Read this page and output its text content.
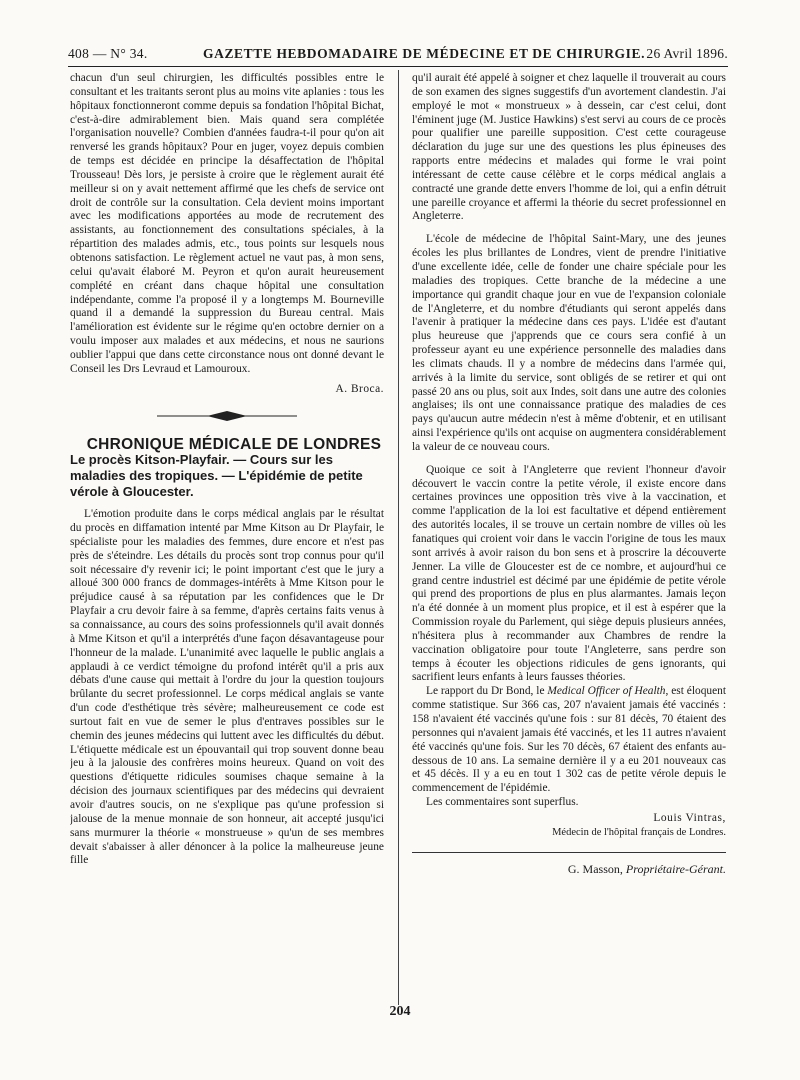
408 — N° 34.	GAZETTE HEBDOMADAIRE DE MÉDECINE ET DE CHIRURGIE. 26 Avril 1896.

chacun d'un seul chirurgien, les difficultés possibles entre le consultant et les traitants seront plus au moins vite aplanies : tous les hôpitaux fonctionneront comme depuis sa fondation l'hôpital Bichat, c'est-à-dire admirablement bien. Mais quand sera complétée l'organisation nouvelle? Combien d'années faudra-t-il pour qu'on ait renversé les grands hôpitaux? Pour en juger, voyez depuis combien de temps est décidée en principe la désaffectation de l'hôpital Trousseau! Dès lors, je persiste à croire que le règlement aurait été meilleur si on y avait nettement affirmé que les chefs de service ont droit de contrôle sur la consultation. Cela devient moins important avec les modifications apportées au mode de recrutement des assistants, au fonctionnement des consultations spéciales, à la répartition des malades admis, etc., tous points sur lesquels nous obtenons satisfaction. Le règlement actuel ne vaut pas, à mon sens, celui qu'avait élaboré M. Peyron et qu'on aurait heureusement complété en créant dans chaque hôpital une consultation indépendante, comme l'a proposé il y a longtemps M. Bourneville quand il a demandé la suppression du Bureau central. Mais l'amélioration est évidente sur le régime qu'en octobre dernier on a voulu imposer aux malades et aux médecins, et nous ne saurions oublier l'appui que dans cette circonstance nous ont donné devant le Conseil les Drs Levraud et Lamouroux.

A. Broca.

CHRONIQUE MÉDICALE DE LONDRES

Le procès Kitson-Playfair. — Cours sur les maladies des tropiques. — L'épidémie de petite vérole à Gloucester.

L'émotion produite dans le corps médical anglais par le résultat du procès en diffamation intenté par Mme Kitson au Dr Playfair, le spécialiste pour les maladies des femmes, dure encore et n'est pas près de s'éteindre. Les détails du procès sont trop connus pour qu'il soit nécessaire d'y revenir ici; le point important c'est que le jury a alloué 300 000 francs de dommages-intérêts à Mme Kitson pour le préjudice causé à sa réputation par les confidences que le Dr Playfair a cru devoir faire à sa femme, d'après certains faits venus à sa connaissance, au cours des soins professionnels qu'il avait donnés à Mme Kitson et qu'il a interprétés d'une façon désavantageuse pour l'honneur de la malade. L'unanimité avec laquelle le public anglais a applaudi à ce verdict témoigne du profond intérêt qu'il a pris aux débats d'une cause qui mettait à l'ordre du jour la question toujours brûlante du secret professionnel. Le corps médical anglais se vante d'un code d'esthétique très sévère; malheureusement ce code est surtout fait en vue de semer le plus d'entraves possibles sur le chemin des jeunes médecins qui luttent avec les difficultés du début. L'étiquette médicale est un épouvantail qui trop souvent donne beau jeu à la jalousie des confrères moins heureux. Quand on voit des questions d'étiquette ridicules soumises chaque semaine à la décision des journaux scientifiques par des médecins qui devraient avoir d'autres soucis, on ne s'explique pas qu'une profession si jalouse de la menue monnaie de son honneur, ait accepté jusqu'ici sans murmurer la théorie « monstrueuse » qu'un de ses membres devait s'abaisser à aller dénoncer à la police la malheureuse jeune fille

qu'il aurait été appelé à soigner et chez laquelle il trouverait au cours de son examen des signes suggestifs d'un avortement clandestin. J'ai employé le mot « monstrueux » à dessein, car c'est celui, dont l'éminent juge (M. Justice Hawkins) s'est servi au cours de ce procès pour qualifier une pareille supposition. C'est cette courageuse déclaration du juge sur une des questions les plus épineuses des rapports entre médecins et malades qui forme le vrai point intéressant de cette cause célèbre et le corps médical anglais a contracté une grande dette envers l'homme de loi, qui a enfin détruit une pareille croyance et affermi la théorie du secret professionnel en Angleterre.

L'école de médecine de l'hôpital Saint-Mary, une des jeunes écoles les plus brillantes de Londres, vient de prendre l'initiative d'une excellente idée, celle de fonder une chaire spéciale pour les maladies des tropiques. Cette branche de la médecine a une importance qui grandit chaque jour en vue de l'expansion coloniale de l'Angleterre, et du nombre d'étudiants qui seront appelés dans l'avenir à pratiquer la médecine dans ces pays. L'idée est d'autant plus heureuse que j'apprends que ce cours sera confié à un professeur ayant eu une expérience personnelle des maladies dans les climats chauds. Il y a nombre de médecins dans l'armée qui, arrivés à la limite du service, sont obligés de se retirer et qui ont passé 20 ans ou plus, soit aux Indes, soit dans une autre des colonies anglaises; ils ont une connaissance pratique des maladies de ces pays qu'aucun autre médecin n'est à même d'obtenir, et en utilisant ainsi l'expérience qu'ils ont acquise on augmentera considérablement la valeur de ce nouveau cours.

Quoique ce soit à l'Angleterre que revient l'honneur d'avoir découvert le vaccin contre la petite vérole, il existe encore dans certaines provinces une opposition très vive à la vaccination, et comme l'application de la loi est facultative et dépend entièrement des autorités locales, il se trouve un certain nombre de villes où les fanatiques qui croient voir dans le vaccin l'origine de tous les maux sont arrivés à avoir raison du bon sens et à proscrire la découverte Jenner. La ville de Gloucester est de ce nombre, et aujourd'hui ce grand centre industriel est décimé par une épidémie de petite vérole qui prend des proportions de plus en plus alarmantes. Jamais leçon n'a été donnée à un moment plus propice, et il est à espérer que la Commission royale du Parlement, qui siège depuis plusieurs années, n'hésitera plus à recommander aux Chambres de rendre la vaccination obligatoire pour toute l'Angleterre, sans perdre son temps à écouter les objections ridicules de gens ignorants, qui sacrifient leurs enfants à leurs fausses théories.

Le rapport du Dr Bond, le Medical Officer of Health, est éloquent comme statistique. Sur 366 cas, 207 n'avaient jamais été vaccinés : 158 n'avaient été vaccinés qu'une fois : sur 81 décès, 70 étaient des personnes qui n'avaient jamais été vaccinés, et les 11 autres n'avaient été vaccinés qu'une fois. Sur les 70 décès, 67 étaient des enfants au-dessous de 10 ans. La semaine dernière il y a eu 201 nouveaux cas et 45 décès. Il y a eu en tout 1 302 cas de petite vérole depuis le commencement de l'épidémie.

Les commentaires sont superflus.

Louis Vintras,

Médecin de l'hôpital français de Londres.

G. Masson, Propriétaire-Gérant.

204
